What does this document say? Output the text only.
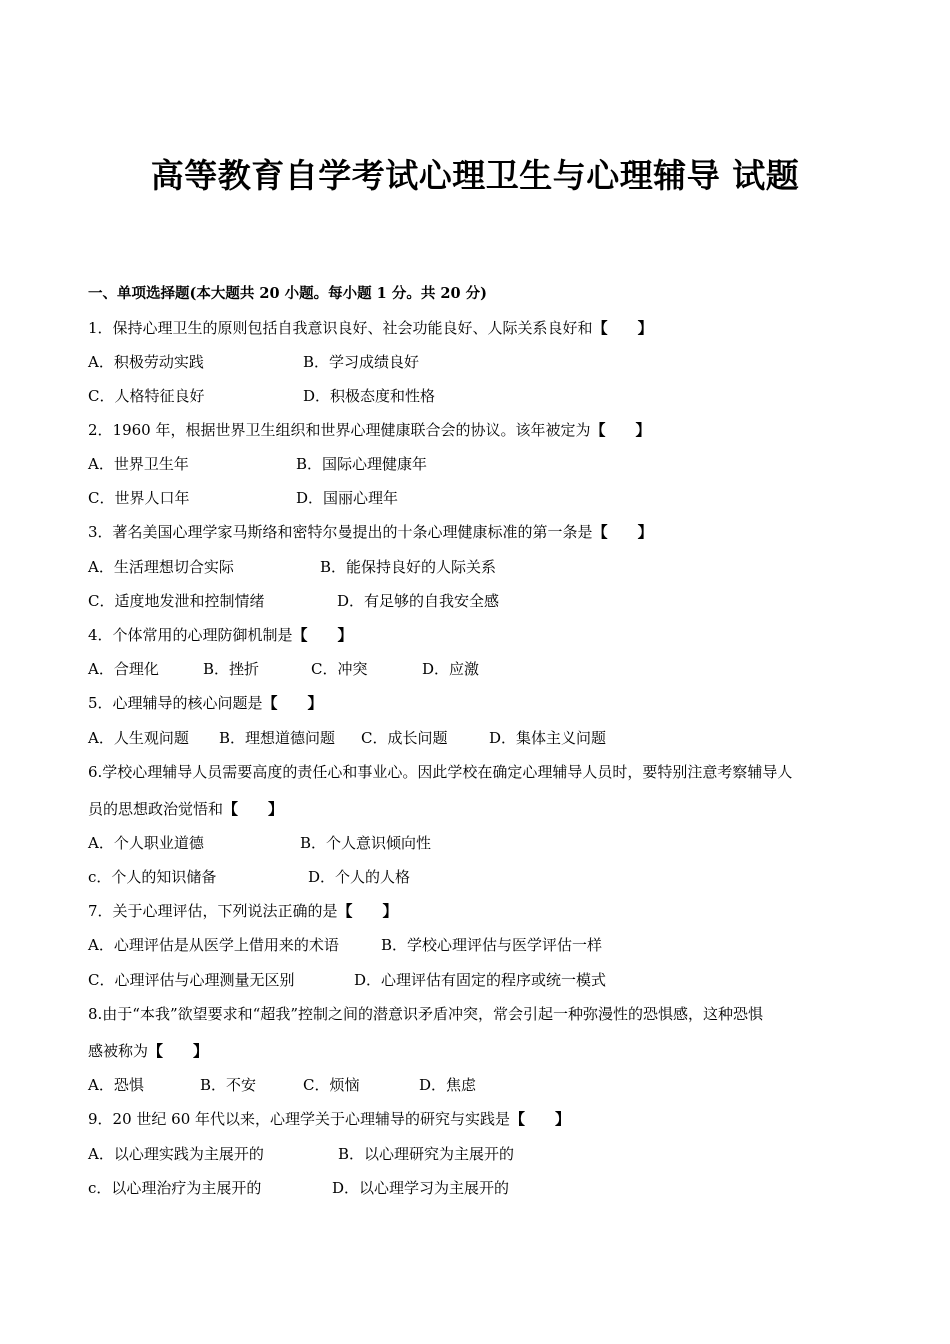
高等教育自学考试心理卫生与心理辅导 试题
一、单项选择题(本大题共 20 小题。每小题 1 分。共 20 分)
1．保持心理卫生的原则包括自我意识良好、社会功能良好、人际关系良好和【　　】
A．积极劳动实践	B．学习成绩良好
C．人格特征良好	D．积极态度和性格
2．1960 年，根据世界卫生组织和世界心理健康联合会的协议。该年被定为【　　】
A．世界卫生年	B．国际心理健康年
C．世界人口年	D．国丽心理年
3．著名美国心理学家马斯络和密特尔曼提出的十条心理健康标准的第一条是【　　】
A．生活理想切合实际	B．能保持良好的人际关系
C．适度地发泄和控制情绪	D．有足够的自我安全感
4．个体常用的心理防御机制是【　　】
A．合理化	B．挫折	C．冲突	D．应激
5．心理辅导的核心问题是【　　】
A．人生观问题 B．理想道德问题 C．成长问题	D．集体主义问题
6.学校心理辅导人员需要高度的责任心和事业心。因此学校在确定心理辅导人员时，要特别注意考察辅导人
员的思想政治觉悟和【　　】
A．个人职业道德	B．个人意识倾向性
c．个人的知识储备	D．个人的人格
7．关于心理评估，下列说法正确的是【　　】
A．心理评估是从医学上借用来的术语	B．学校心理评估与医学评估一样
C．心理评估与心理测量无区别	D．心理评估有固定的程序或统一模式
8.由于“本我”欲望要求和“超我”控制之间的潜意识矛盾冲突，常会引起一种弥漫性的恐惧感，这种恐惧
感被称为【　　】
A．恐惧	B．不安	C．烦恼	D．焦虑
9．20 世纪 60 年代以来，心理学关于心理辅导的研究与实践是【　　】
A．以心理实践为主展开的	B．以心理研究为主展开的
c．以心理治疗为主展开的	D．以心理学习为主展开的
